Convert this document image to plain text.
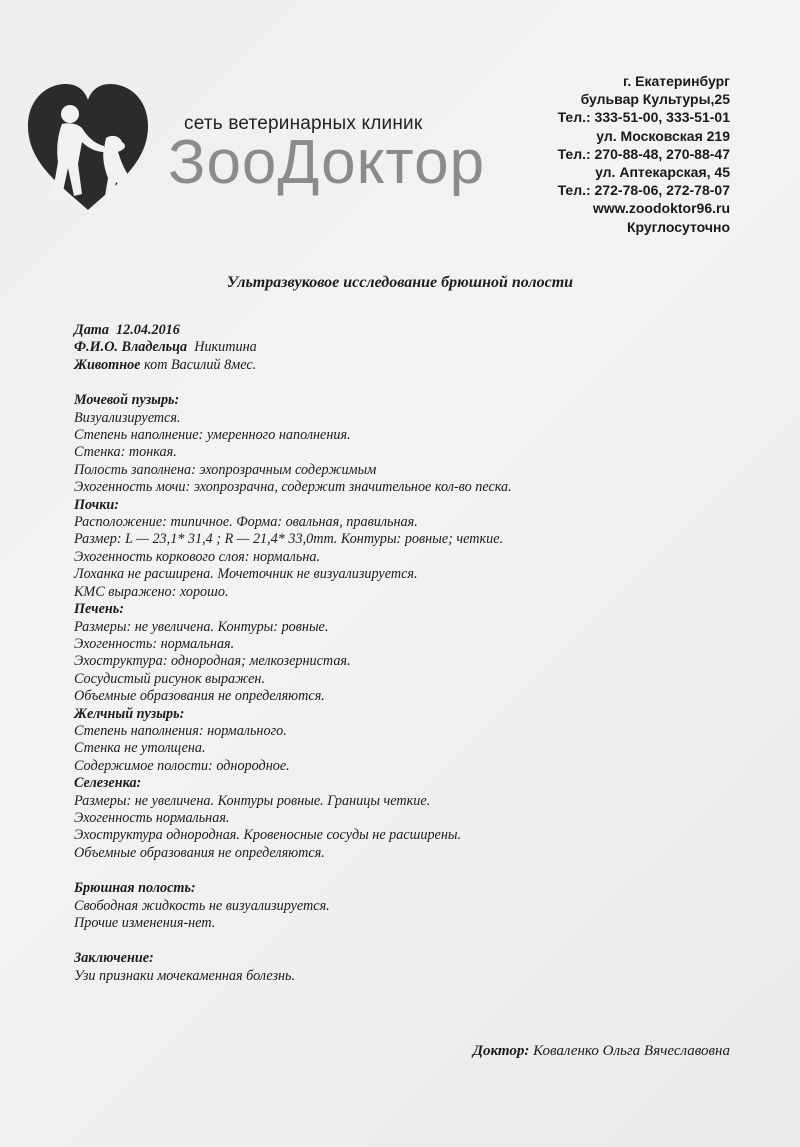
сеть ветеринарных клиник
ЗооДоктор
г. Екатеринбург
бульвар Культуры,25
Тел.: 333-51-00, 333-51-01
ул. Московская 219
Тел.: 270-88-48, 270-88-47
ул. Аптекарская, 45
Тел.: 272-78-06, 272-78-07
www.zoodoktor96.ru
Круглосуточно
Ультразвуковое исследование брюшной полости
Дата 12.04.2016
Ф.И.О. Владельца Никитина
Животное кот Василий 8мес.
Мочевой пузырь:
Визуализируется.
Степень наполнение: умеренного наполнения.
Стенка: тонкая.
Полость заполнена: эхопрозрачным содержимым
Эхогенность мочи: эхопрозрачна, содержит значительное кол-во песка.
Почки:
Расположение: типичное. Форма: овальная, правильная.
Размер: L — 23,1* 31,4 ; R — 21,4* 33,0mm. Контуры: ровные; четкие.
Эхогенность коркового слоя: нормальна.
Лоханка не расширена. Мочеточник не визуализируется.
КМС выражено: хорошо.
Печень:
Размеры: не увеличена. Контуры: ровные.
Эхогенность: нормальная.
Эхоструктура: однородная; мелкозернистая.
Сосудистый рисунок выражен.
Объемные образования не определяются.
Желчный пузырь:
Степень наполнения: нормального.
Стенка не утолщена.
Содержимое полости: однородное.
Селезенка:
Размеры: не увеличена. Контуры ровные. Границы четкие.
Эхогенность нормальная.
Эхоструктура однородная. Кровеносные сосуды не расширены.
Объемные образования не определяются.
Брюшная полость:
Свободная жидкость не визуализируется.
Прочие изменения-нет.
Заключение:
Узи признаки мочекаменная болезнь.
Доктор: Коваленко Ольга Вячеславовна
